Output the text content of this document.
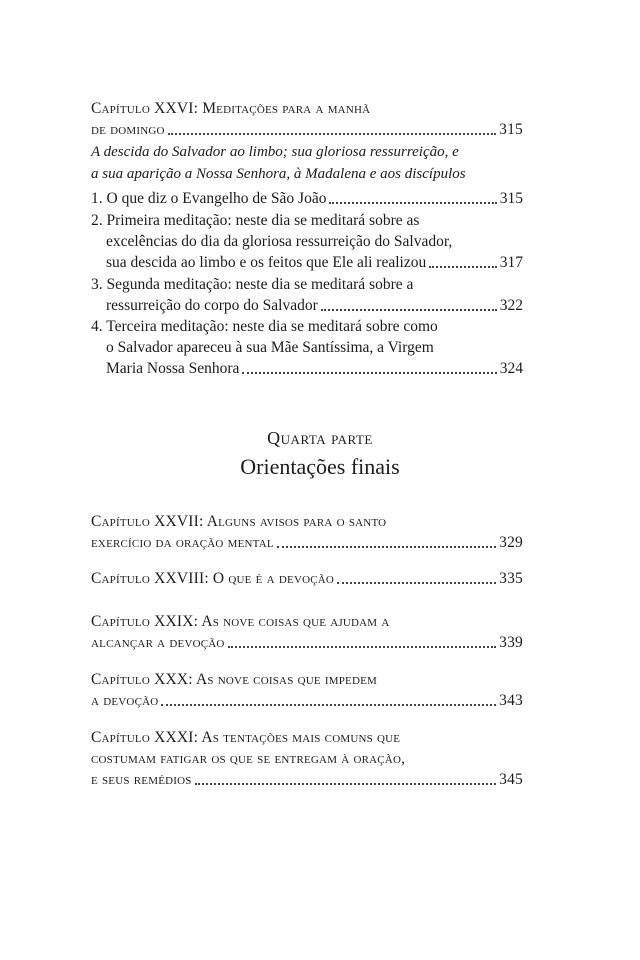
Capítulo XXVI: Meditações para a manhã
de domingo	315
A descida do Salvador ao limbo; sua gloriosa ressurreição, e
a sua aparição a Nossa Senhora, à Madalena e aos discípulos
1. O que diz o Evangelho de São João	315
2. Primeira meditação: neste dia se meditará sobre as
excelências do dia da gloriosa ressurreição do Salvador,
sua descida ao limbo e os feitos que Ele ali realizou	317
3. Segunda meditação: neste dia se meditará sobre a
ressurreição do corpo do Salvador	322
4. Terceira meditação: neste dia se meditará sobre como
o Salvador apareceu à sua Mãe Santíssima, a Virgem
Maria Nossa Senhora	324
Quarta parte
Orientações finais
Capítulo XXVII: Alguns avisos para o santo
exercício da oração mental	329
Capítulo XXVIII: O que é a devoção	335
Capítulo XXIX: As nove coisas que ajudam a
alcançar a devoção	339
Capítulo XXX: As nove coisas que impedem
a devoção	343
Capítulo XXXI: As tentações mais comuns que
costumam fatigar os que se entregam à oração,
e seus remédios	345
